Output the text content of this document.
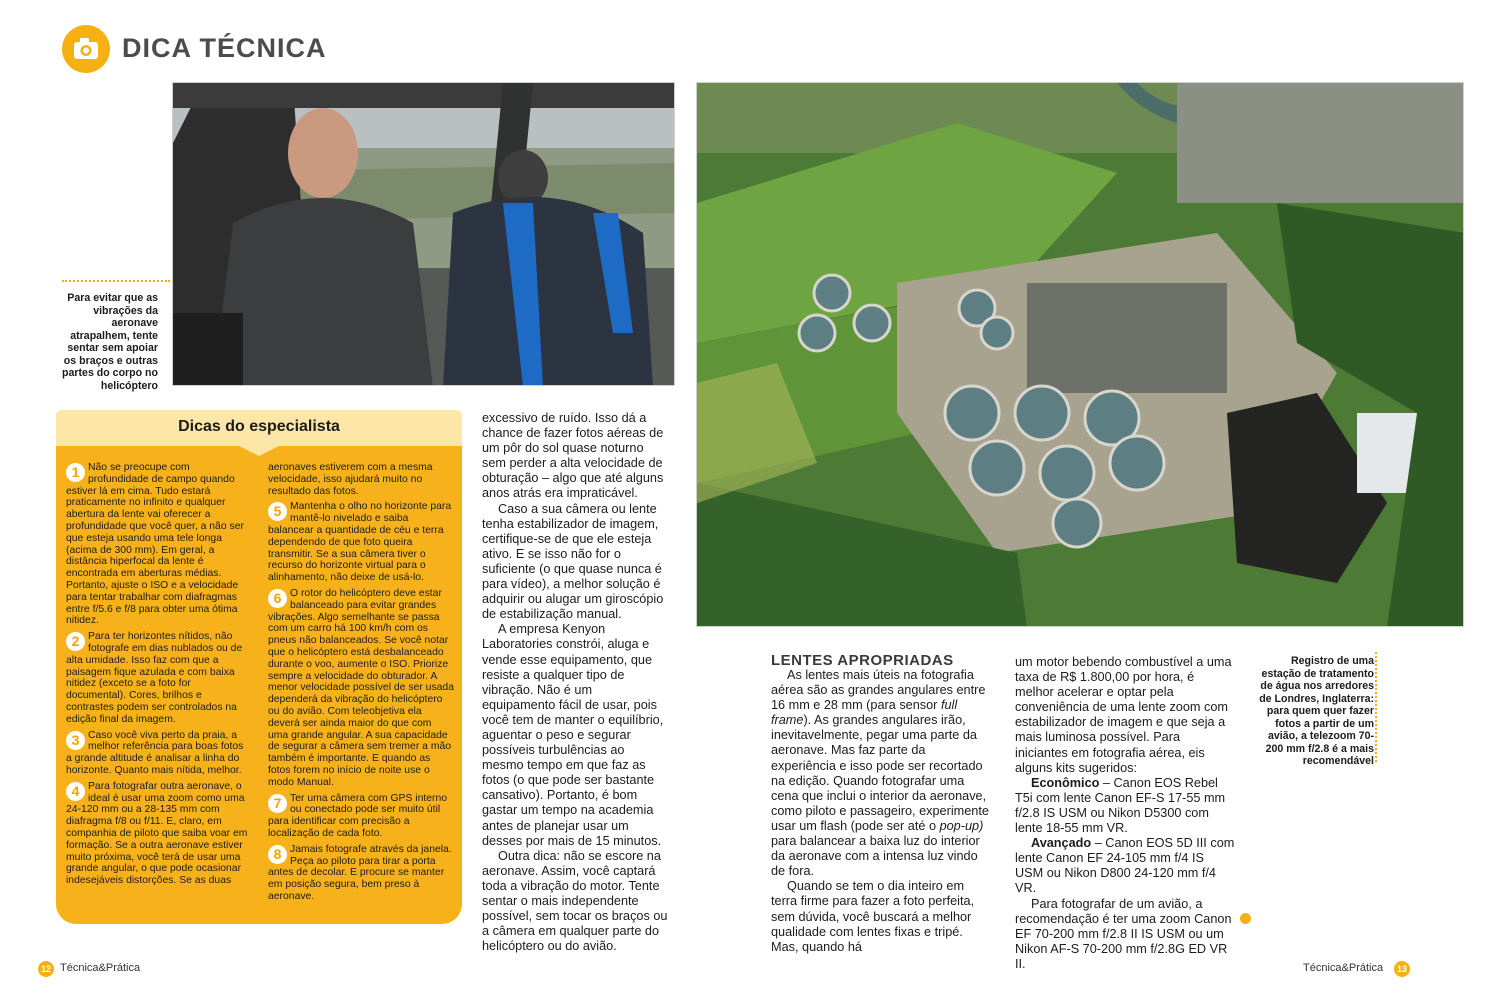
DICA TÉCNICA
Para evitar que as vibrações da aeronave atrapalhem, tente sentar sem apoiar os braços e outras partes do corpo no helicóptero
Registro de uma estação de tratamento de água nos arredores de Londres, Inglaterra: para quem quer fazer fotos a partir de um avião, a telezoom 70-200 mm f/2.8 é a mais recomendável
Dicas do especialista

1 Não se preocupe com profundidade de campo quando estiver lá em cima. Tudo estará praticamente no infinito e qualquer abertura da lente vai oferecer a profundidade que você quer, a não ser que esteja usando uma tele longa (acima de 300 mm). Em geral, a distância hiperfocal da lente é encontrada em aberturas médias. Portanto, ajuste o ISO e a velocidade para tentar trabalhar com diafragmas entre f/5.6 e f/8 para obter uma ótima nitidez.

2 Para ter horizontes nítidos, não fotografe em dias nublados ou de alta umidade. Isso faz com que a paisagem fique azulada e com baixa nitidez (exceto se a foto for documental). Cores, brilhos e contrastes podem ser controlados na edição final da imagem.

3 Caso você viva perto da praia, a melhor referência para boas fotos a grande altitude é analisar a linha do horizonte. Quanto mais nítida, melhor.

4 Para fotografar outra aeronave, o ideal é usar uma zoom como uma 24-120 mm ou a 28-135 mm com diafragma f/8 ou f/11. E, claro, em companhia de piloto que saiba voar em formação. Se a outra aeronave estiver muito próxima, você terá de usar uma grande angular, o que pode ocasionar indesejáveis distorções. Se as duas

aeronaves estiverem com a mesma velocidade, isso ajudará muito no resultado das fotos.

5 Mantenha o olho no horizonte para mantê-lo nivelado e saiba balancear a quantidade de céu e terra dependendo de que foto queira transmitir. Se a sua câmera tiver o recurso do horizonte virtual para o alinhamento, não deixe de usá-lo.

6 O rotor do helicóptero deve estar balanceado para evitar grandes vibrações. Algo semelhante se passa com um carro há 100 km/h com os pneus não balanceados. Se você notar que o helicóptero está desbalanceado durante o voo, aumente o ISO. Priorize sempre a velocidade do obturador. A menor velocidade possível de ser usada dependerá da vibração do helicóptero ou do avião. Com teleobjetiva ela deverá ser ainda maior do que com uma grande angular. A sua capacidade de segurar a câmera sem tremer a mão também é importante. E quando as fotos forem no início de noite use o modo Manual.

7 Ter uma câmera com GPS interno ou conectado pode ser muito útil para identificar com precisão a localização de cada foto.

8 Jamais fotografe através da janela. Peça ao piloto para tirar a porta antes de decolar. E procure se manter em posição segura, bem preso à aeronave.

excessivo de ruído. Isso dá a chance de fazer fotos aéreas de um pôr do sol quase noturno sem perder a alta velocidade de obturação – algo que até alguns anos atrás era impraticável.

Caso a sua câmera ou lente tenha estabilizador de imagem, certifique-se de que ele esteja ativo. E se isso não for o suficiente (o que quase nunca é para vídeo), a melhor solução é adquirir ou alugar um giroscópio de estabilização manual.

A empresa Kenyon Laboratories constrói, aluga e vende esse equipamento, que resiste a qualquer tipo de vibração. Não é um equipamento fácil de usar, pois você tem de manter o equilíbrio, aguentar o peso e segurar possíveis turbulências ao mesmo tempo em que faz as fotos (o que pode ser bastante cansativo). Portanto, é bom gastar um tempo na academia antes de planejar usar um desses por mais de 15 minutos.

Outra dica: não se escore na aeronave. Assim, você captará toda a vibração do motor. Tente sentar o mais independente possível, sem tocar os braços ou a câmera em qualquer parte do helicóptero ou do avião.

LENTES APROPRIADAS

As lentes mais úteis na fotografia aérea são as grandes angulares entre 16 mm e 28 mm (para sensor full frame). As grandes angulares irão, inevitavelmente, pegar uma parte da aeronave. Mas faz parte da experiência e isso pode ser recortado na edição. Quando fotografar uma cena que inclui o interior da aeronave, como piloto e passageiro, experimente usar um flash (pode ser até o pop-up) para balancear a baixa luz do interior da aeronave com a intensa luz vindo de fora.

Quando se tem o dia inteiro em terra firme para fazer a foto perfeita, sem dúvida, você buscará a melhor qualidade com lentes fixas e tripé. Mas, quando há

um motor bebendo combustível a uma taxa de R$ 1.800,00 por hora, é melhor acelerar e optar pela conveniência de uma lente zoom com estabilizador de imagem e que seja a mais luminosa possível. Para iniciantes em fotografia aérea, eis alguns kits sugeridos:

Econômico – Canon EOS Rebel T5i com lente Canon EF-S 17-55 mm f/2.8 IS USM ou Nikon D5300 com lente 18-55 mm VR.

Avançado – Canon EOS 5D III com lente Canon EF 24-105 mm f/4 IS USM ou Nikon D800 24-120 mm f/4 VR.

Para fotografar de um avião, a recomendação é ter uma zoom Canon EF 70-200 mm f/2.8 II IS USM ou um Nikon AF-S 70-200 mm f/2.8G ED VR II.

12 Técnica&Prática	Técnica&Prática	13
